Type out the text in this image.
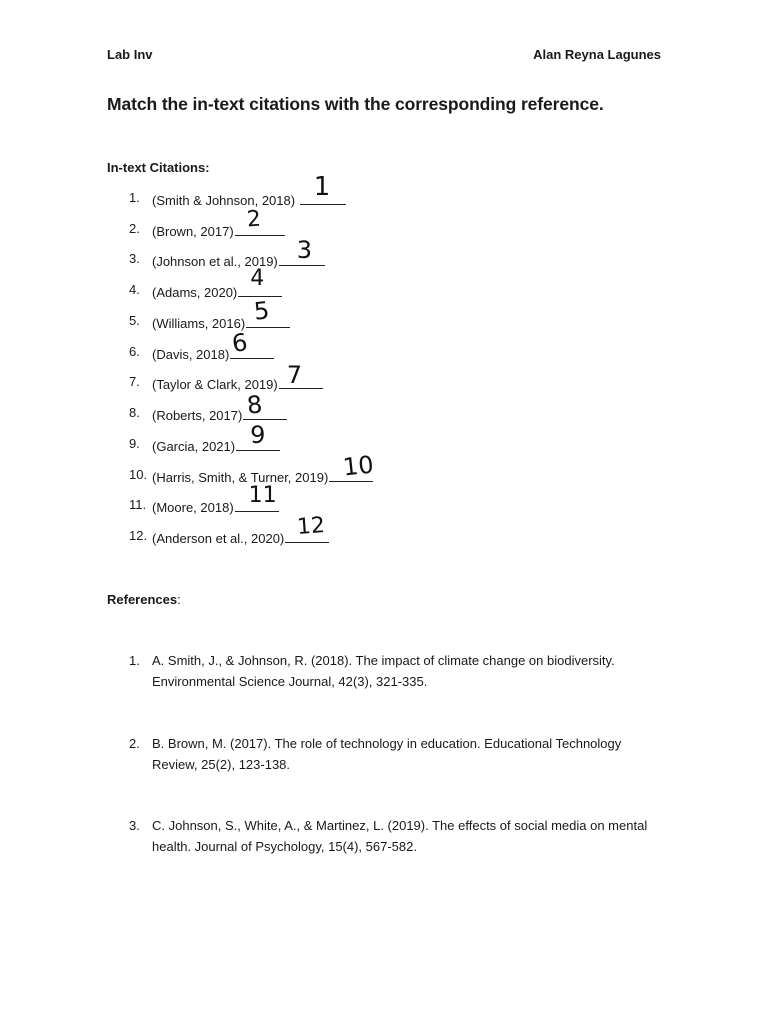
Lab Inv	Alan Reyna Lagunes
Match the in-text citations with the corresponding reference.
In-text Citations:
1. (Smith & Johnson, 2018) 1
2. (Brown, 2017) 2
3. (Johnson et al., 2019) 3
4. (Adams, 2020)
4
5. (Williams, 2016) 5
6. (Davis, 2018) 6
7. (Taylor & Clark, 2019) 7
8. (Roberts, 2017) 8
9. (Garcia, 2021) 9
10. (Harris, Smith, & Turner, 2019) 10
11. (Moore, 2018) 11
12. (Anderson et al., 2020) 12
References:
1. A. Smith, J., & Johnson, R. (2018). The impact of climate change on biodiversity. Environmental Science Journal, 42(3), 321-335.
2. B. Brown, M. (2017). The role of technology in education. Educational Technology Review, 25(2), 123-138.
3. C. Johnson, S., White, A., & Martinez, L. (2019). The effects of social media on mental health. Journal of Psychology, 15(4), 567-582.
